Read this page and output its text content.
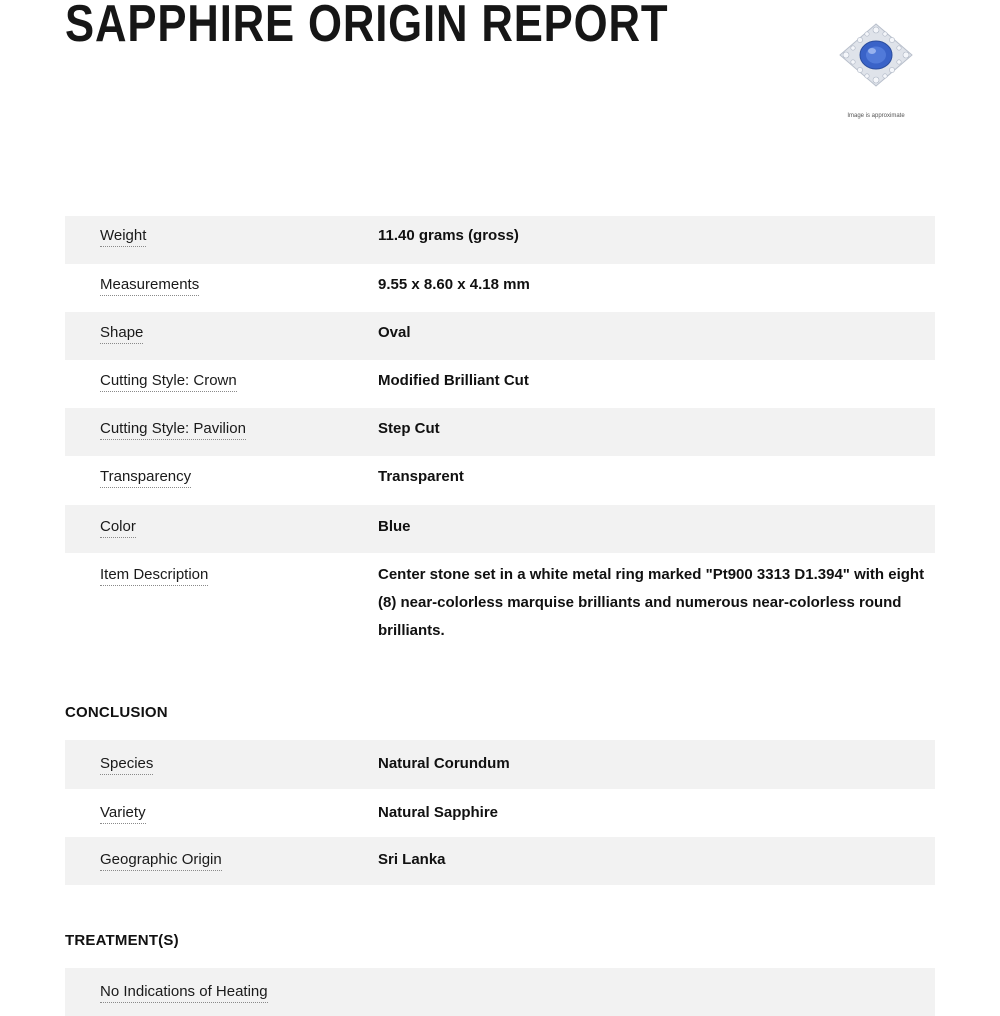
SAPPHIRE ORIGIN REPORT
Image is approximate
Weight	11.40 grams (gross)
Measurements	9.55 x 8.60 x 4.18 mm
Shape	Oval
Cutting Style: Crown	Modified Brilliant Cut
Cutting Style: Pavilion	Step Cut
Transparency	Transparent
Color	Blue
Item Description	Center stone set in a white metal ring marked "Pt900 3313 D1.394" with eight (8) near-colorless marquise brilliants and numerous near-colorless round brilliants.
CONCLUSION
Species	Natural Corundum
Variety	Natural Sapphire
Geographic Origin	Sri Lanka
TREATMENT(S)
No Indications of Heating
